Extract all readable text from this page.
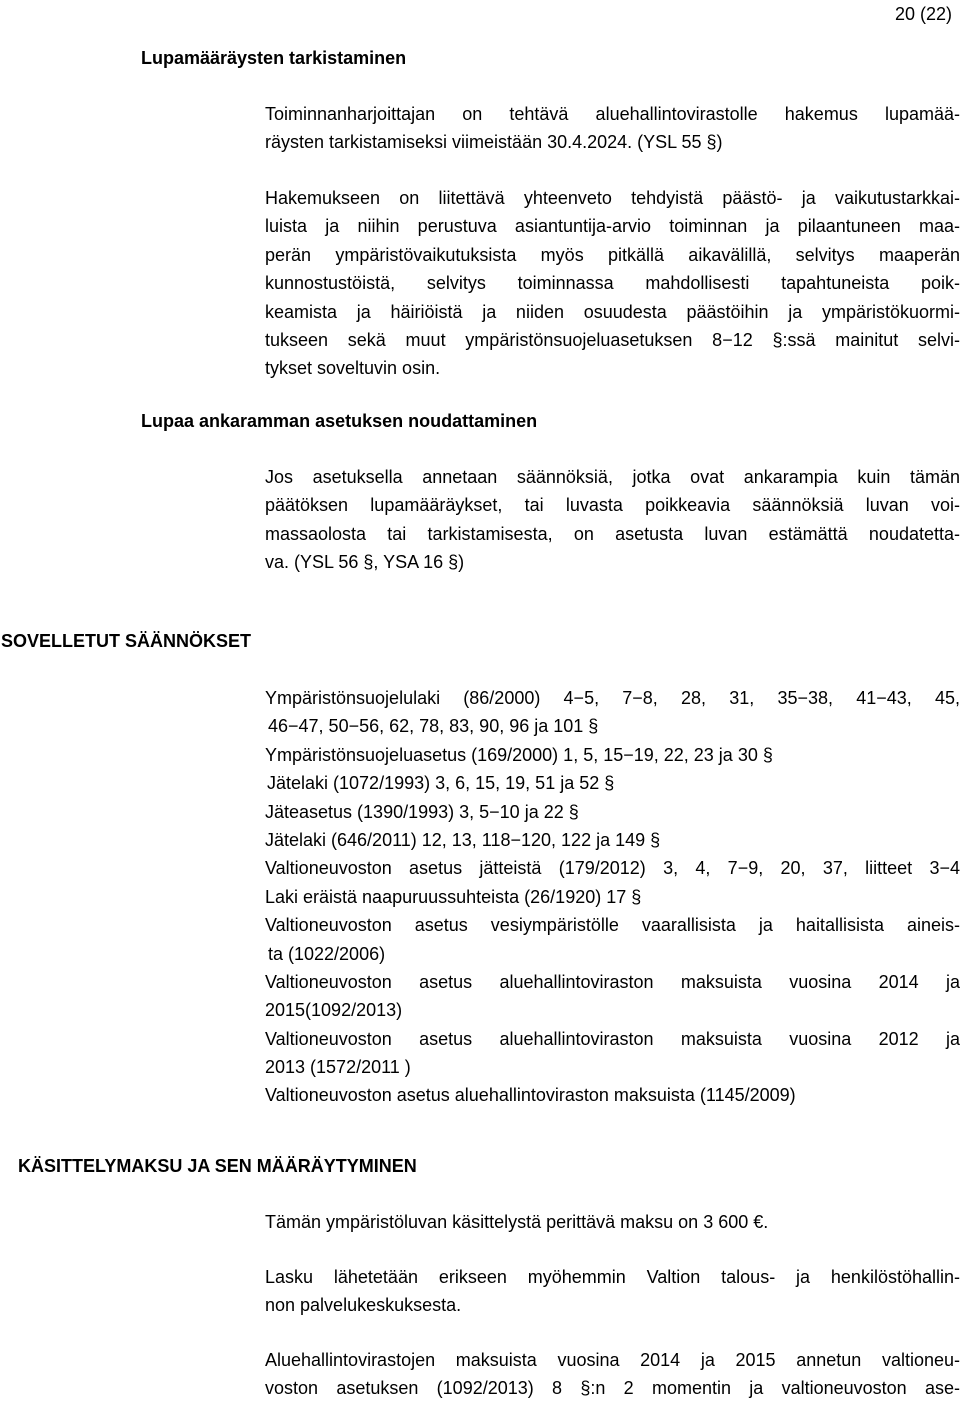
20 (22)
Lupamääräysten tarkistaminen
Toiminnanharjoittajan on tehtävä aluehallintovirastolle hakemus lupamää-
räysten tarkistamiseksi viimeistään 30.4.2024. (YSL 55 §)
Hakemukseen on liitettävä yhteenveto tehdyistä päästö- ja vaikutustarkkai-
luista ja niihin perustuva asiantuntija-arvio toiminnan ja pilaantuneen maa-
perän ympäristövaikutuksista myös pitkällä aikavälillä, selvitys maaperän
kunnostustöistä, selvitys toiminnassa mahdollisesti tapahtuneista poik-
keamista ja häiriöistä ja niiden osuudesta päästöihin ja ympäristökuormi-
tukseen sekä muut ympäristönsuojeluasetuksen 8−12 §:ssä mainitut selvi-
tykset soveltuvin osin.
Lupaa ankaramman asetuksen noudattaminen
Jos asetuksella annetaan säännöksiä, jotka ovat ankarampia kuin tämän
päätöksen lupamääräykset, tai luvasta poikkeavia säännöksiä luvan voi-
massaolosta tai tarkistamisesta, on asetusta luvan estämättä noudatetta-
va. (YSL 56 §, YSA 16 §)
SOVELLETUT SÄÄNNÖKSET
Ympäristönsuojelulaki (86/2000) 4−5, 7−8, 28, 31, 35−38, 41−43, 45,
46−47, 50−56, 62, 78, 83, 90, 96 ja 101 §
Ympäristönsuojeluasetus (169/2000) 1, 5, 15−19, 22, 23 ja 30 §
Jätelaki (1072/1993) 3, 6, 15, 19, 51 ja 52 §
Jäteasetus (1390/1993) 3, 5−10 ja 22 §
Jätelaki (646/2011) 12, 13, 118−120, 122 ja 149 §
Valtioneuvoston asetus jätteistä (179/2012) 3, 4, 7−9, 20, 37, liitteet 3−4
Laki eräistä naapuruussuhteista (26/1920) 17 §
Valtioneuvoston asetus vesiympäristölle vaarallisista ja haitallisista aineis-
ta (1022/2006)
Valtioneuvoston asetus aluehallintoviraston maksuista vuosina 2014 ja
2015(1092/2013)
Valtioneuvoston asetus aluehallintoviraston maksuista vuosina 2012 ja
2013 (1572/2011 )
Valtioneuvoston asetus aluehallintoviraston maksuista (1145/2009)
KÄSITTELYMAKSU JA SEN MÄÄRÄYTYMINEN
Tämän ympäristöluvan käsittelystä perittävä maksu on 3 600 €.
Lasku lähetetään erikseen myöhemmin Valtion talous- ja henkilöstöhallin-
non palvelukeskuksesta.
Aluehallintovirastojen maksuista vuosina 2014 ja 2015 annetun valtioneu-
voston asetuksen (1092/2013) 8 §:n 2 momentin ja valtioneuvoston ase-
